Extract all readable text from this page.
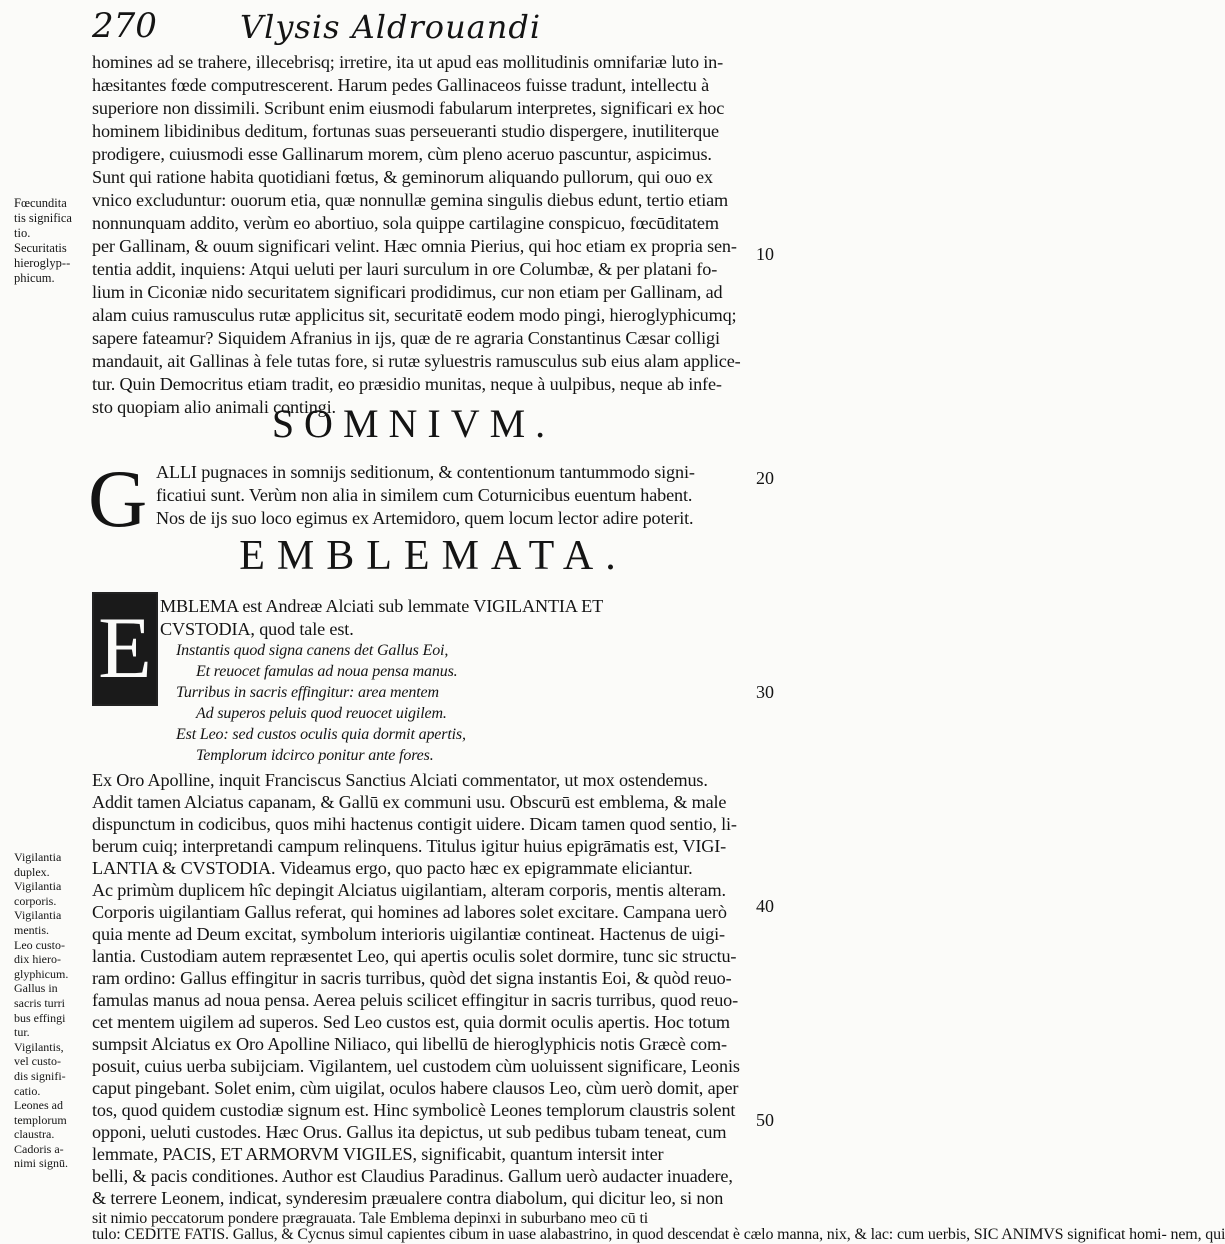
270	Vlysis Aldrouandi
homines ad se trahere, illecebrisq; irretire, ita ut apud eas mollitudinis omnifariæ luto in-
hæsitantes fœde computrescerent. Harum pedes Gallinaceos fuisse tradunt, intellectu à
superiore non dissimili. Scribunt enim eiusmodi fabularum interpretes, significari ex hoc
hominem libidinibus deditum, fortunas suas perseueranti studio dispergere, inutiliterque
prodigere, cuiusmodi esse Gallinarum morem, cùm pleno aceruo pascuntur, aspicimus.
Sunt qui ratione habita quotidiani fœtus, & geminorum aliquando pullorum, qui ouo ex
vnico excluduntur: ouorum etia, quæ nonnullæ gemina singulis diebus edunt, tertio etiam
nonnunquam addito, verùm eo abortiuo, sola quippe cartilagine conspicuo, fœcūditatem
per Gallinam, & ouum significari velint. Hæc omnia Pierius, qui hoc etiam ex propria sen-
tentia addit, inquiens: Atqui ueluti per lauri surculum in ore Columbæ, & per platani fo-
lium in Ciconiæ nido securitatem significari prodidimus, cur non etiam per Gallinam, ad
alam cuius ramusculus rutæ applicitus sit, securitatē eodem modo pingi, hieroglyphicumq;
sapere fateamur? Siquidem Afranius in ijs, quæ de re agraria Constantinus Cæsar colligi
mandauit, ait Gallinas à fele tutas fore, si rutæ syluestris ramusculus sub eius alam applice-
tur. Quin Democritus etiam tradit, eo præsidio munitas, neque à uulpibus, neque ab infe-
sto quopiam alio animali contingi.
Fœcundita
tis significa
tio.
Securitatis
hieroglyp--
phicum.
10
SOMNIVM.
G ALLI pugnaces in somnijs seditionum, & contentionum tantummodo signi-
ficatiui sunt. Verùm non alia in similem cum Coturnicibus euentum habent.
Nos de ijs suo loco egimus ex Artemidoro, quem locum lector adire poterit.
20
EMBLEMATA.
E MBLEMA est Andreæ Alciati sub lemmate VIGILANTIA ET
CVSTODIA, quod tale est.
Instantis quod signa canens det Gallus Eoi,
Et reuocet famulas ad noua pensa manus.
Turribus in sacris effingitur: area mentem
Ad superos peluis quod reuocet uigilem.
Est Leo: sed custos oculis quia dormit apertis,
Templorum idcirco ponitur ante fores.
30
Ex Oro Apolline, inquit Franciscus Sanctius Alciati commentator, ut mox ostendemus.
Addit tamen Alciatus capanam, & Gallū ex communi usu. Obscurū est emblema, & male
dispunctum in codicibus, quos mihi hactenus contigit uidere. Dicam tamen quod sentio, li-
berum cuiq; interpretandi campum relinquens. Titulus igitur huius epigrāmatis est, VIGI-
LANTIA & CVSTODIA. Videamus ergo, quo pacto hæc ex epigrammate eliciantur.
Ac primùm duplicem hîc depingit Alciatus uigilantiam, alteram corporis, mentis alteram.
Corporis uigilantiam Gallus referat, qui homines ad labores solet excitare. Campana uerò
quia mente ad Deum excitat, symbolum interioris uigilantiæ contineat. Hactenus de uigi-
lantia. Custodiam autem repræsentet Leo, qui apertis oculis solet dormire, tunc sic structu-
ram ordino: Gallus effingitur in sacris turribus, quòd det signa instantis Eoi, & quòd reuo-
famulas manus ad noua pensa. Aerea peluis scilicet effingitur in sacris turribus, quod reuo-
cet mentem uigilem ad superos. Sed Leo custos est, quia dormit oculis apertis. Hoc totum
sumpsit Alciatus ex Oro Apolline Niliaco, qui libellū de hieroglyphicis notis Græcè com-
posuit, cuius uerba subijciam. Vigilantem, uel custodem cùm uoluissent significare, Leonis
caput pingebant. Solet enim, cùm uigilat, oculos habere clausos Leo, cùm uerò domit, aper
tos, quod quidem custodiæ signum est. Hinc symbolicè Leones templorum claustris solent
opponi, ueluti custodes. Hæc Orus. Gallus ita depictus, ut sub pedibus tubam teneat, cum
lemmate, PACIS, ET ARMORVM VIGILES, significabit, quantum intersit inter
belli, & pacis conditiones. Author est Claudius Paradinus. Gallum uerò audacter inuadere,
& terrere Leonem, indicat, synderesim præualere contra diabolum, qui dicitur leo, si non
sit nimio peccatorum pondere prægrauata. Tale Emblema depinxi in suburbano meo cū ti
tulo: CEDITE FATIS. Gallus, & Cycnus simul capientes cibum in uase alabastrino, in quod descendat è cælo manna, nix, & lac: cum uerbis, SIC ANIMVS significat homi- nem, qui
40
50
Vigilantia
duplex.
Vigilantia
corporis.
Vigilantia
mentis.
Leo custo-
dix hiero-
glyphicum.
Gallus in
sacris turri
bus effingi
tur.
Vigilantis,
vel custo-
dis signifi-
catio.
Leones ad
templorum
claustra.
Cadoris a-
nimi signū.
